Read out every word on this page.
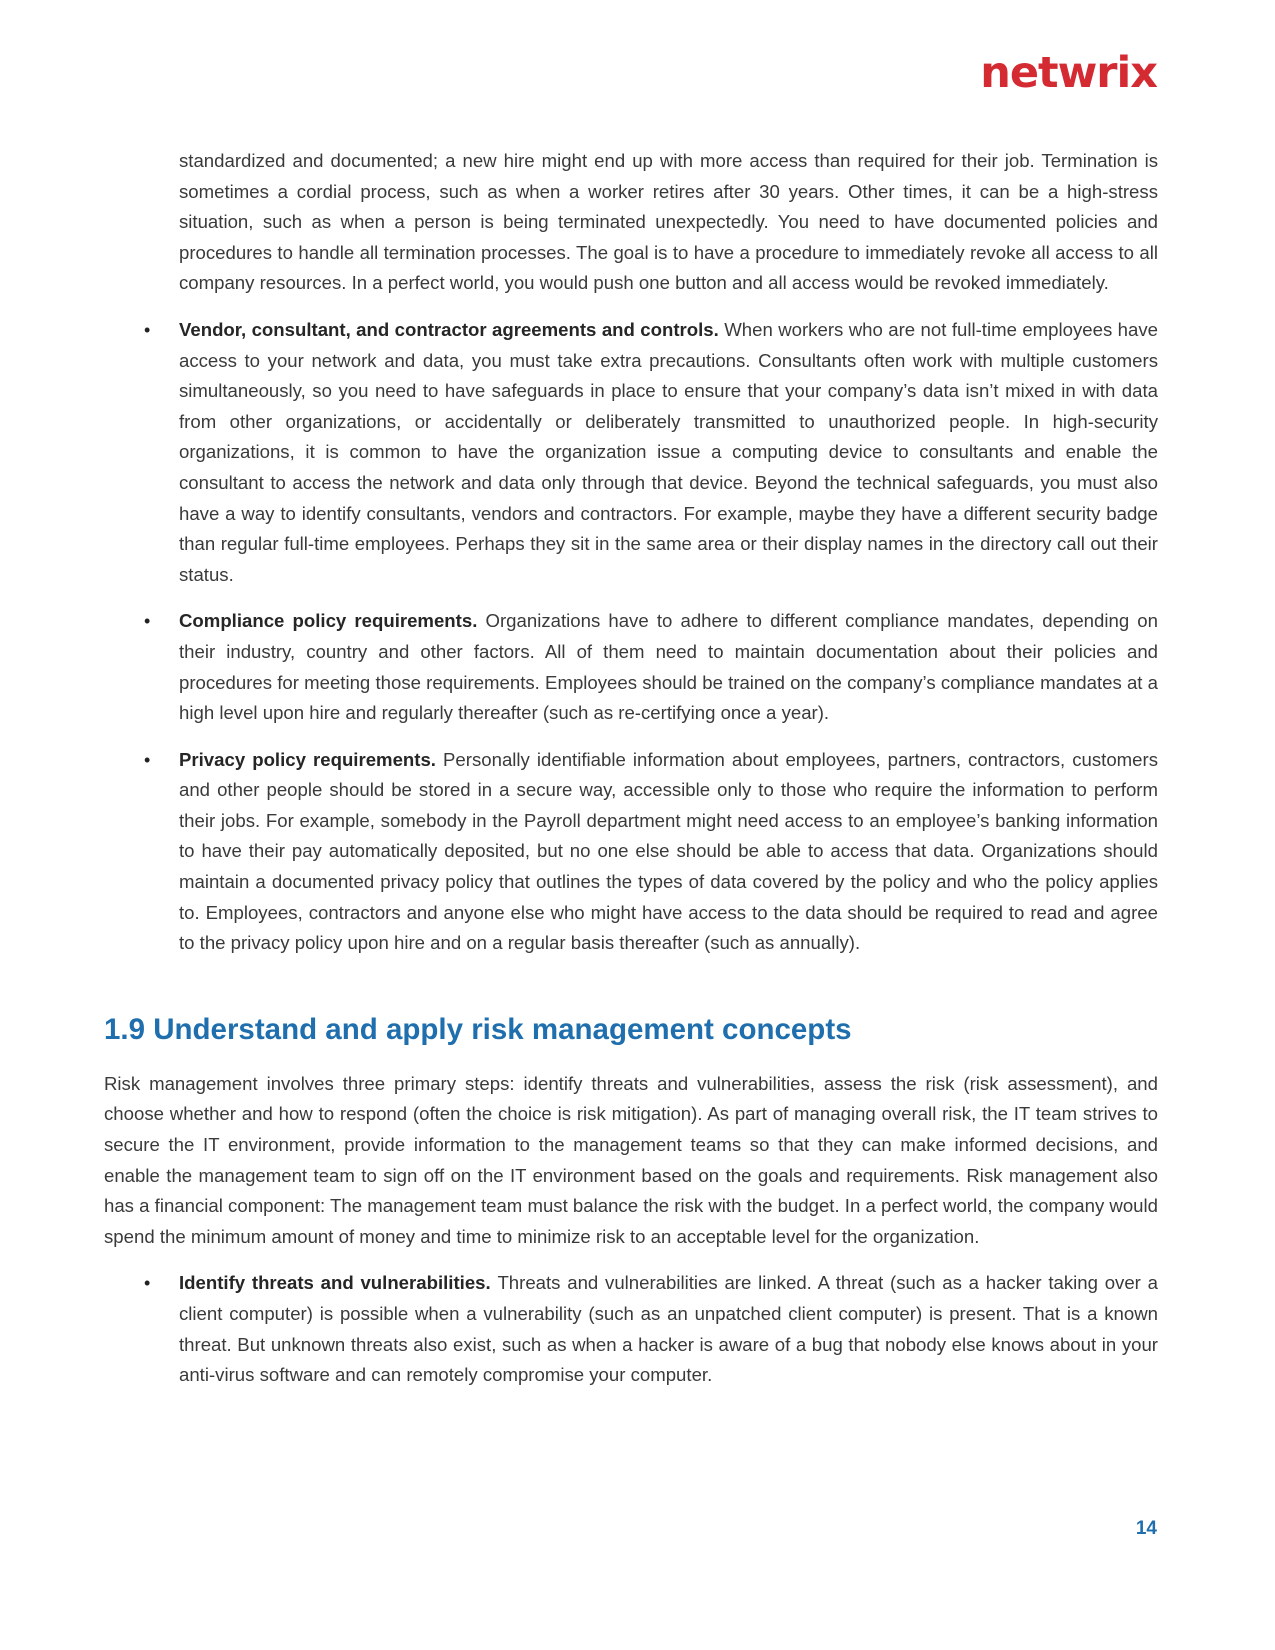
netwrix

standardized and documented; a new hire might end up with more access than required for their job. Termination is sometimes a cordial process, such as when a worker retires after 30 years. Other times, it can be a high-stress situation, such as when a person is being terminated unexpectedly. You need to have documented policies and procedures to handle all termination processes. The goal is to have a procedure to immediately revoke all access to all company resources. In a perfect world, you would push one button and all access would be revoked immediately.

• Vendor, consultant, and contractor agreements and controls. When workers who are not full-time employees have access to your network and data, you must take extra precautions. Consultants often work with multiple customers simultaneously, so you need to have safeguards in place to ensure that your company’s data isn’t mixed in with data from other organizations, or accidentally or deliberately transmitted to unauthorized people. In high-security organizations, it is common to have the organization issue a computing device to consultants and enable the consultant to access the network and data only through that device. Beyond the technical safeguards, you must also have a way to identify consultants, vendors and contractors. For example, maybe they have a different security badge than regular full-time employees. Perhaps they sit in the same area or their display names in the directory call out their status.
• Compliance policy requirements. Organizations have to adhere to different compliance mandates, depending on their industry, country and other factors. All of them need to maintain documentation about their policies and procedures for meeting those requirements. Employees should be trained on the company’s compliance mandates at a high level upon hire and regularly thereafter (such as re-certifying once a year).
• Privacy policy requirements. Personally identifiable information about employees, partners, contractors, customers and other people should be stored in a secure way, accessible only to those who require the information to perform their jobs. For example, somebody in the Payroll department might need access to an employee’s banking information to have their pay automatically deposited, but no one else should be able to access that data. Organizations should maintain a documented privacy policy that outlines the types of data covered by the policy and who the policy applies to. Employees, contractors and anyone else who might have access to the data should be required to read and agree to the privacy policy upon hire and on a regular basis thereafter (such as annually).
1.9 Understand and apply risk management concepts

Risk management involves three primary steps: identify threats and vulnerabilities, assess the risk (risk assessment), and choose whether and how to respond (often the choice is risk mitigation). As part of managing overall risk, the IT team strives to secure the IT environment, provide information to the management teams so that they can make informed decisions, and enable the management team to sign off on the IT environment based on the goals and requirements. Risk management also has a financial component: The management team must balance the risk with the budget. In a perfect world, the company would spend the minimum amount of money and time to minimize risk to an acceptable level for the organization.

• Identify threats and vulnerabilities. Threats and vulnerabilities are linked. A threat (such as a hacker taking over a client computer) is possible when a vulnerability (such as an unpatched client computer) is present. That is a known threat. But unknown threats also exist, such as when a hacker is aware of a bug that nobody else knows about in your anti-virus software and can remotely compromise your computer.
14
